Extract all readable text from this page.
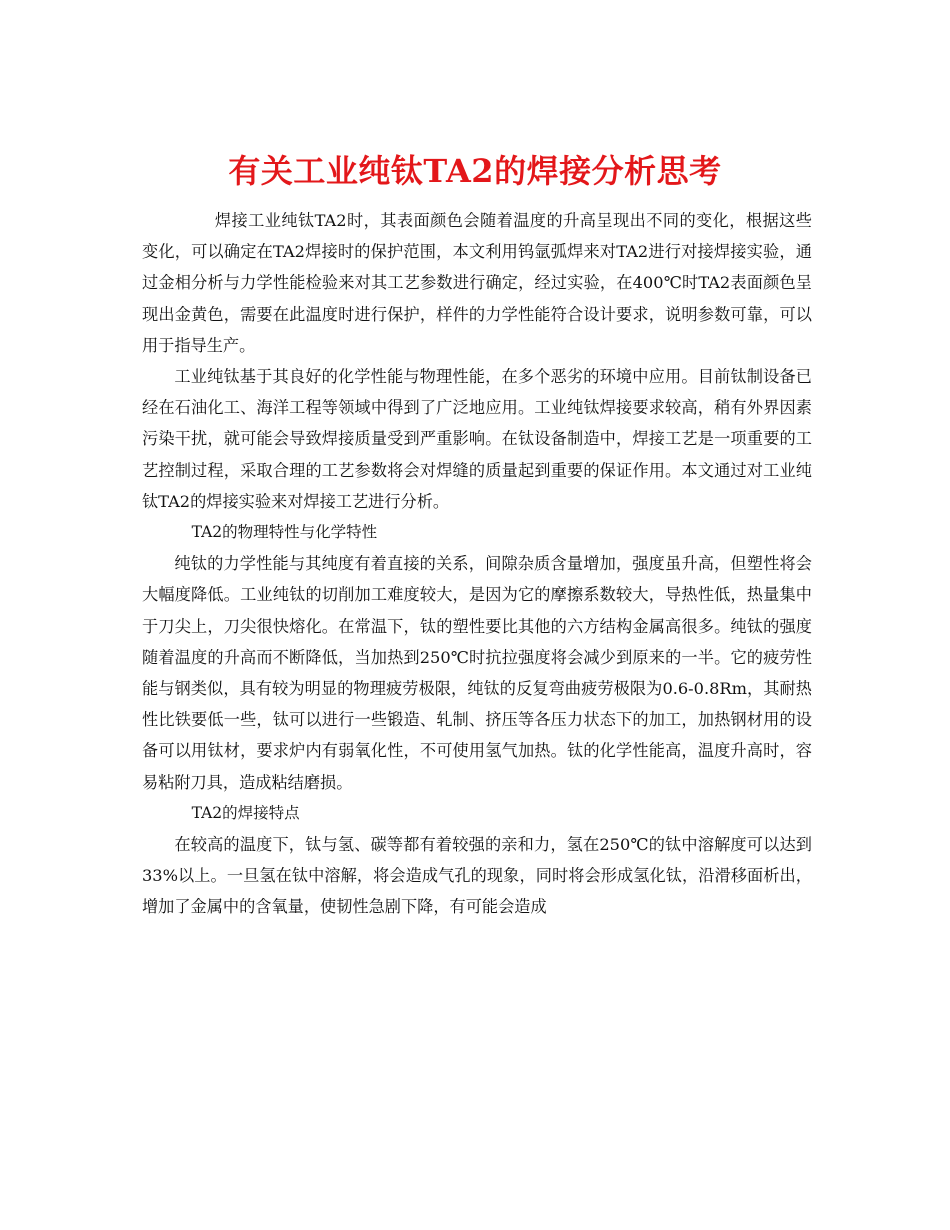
有关工业纯钛TA2的焊接分析思考

焊接工业纯钛TA2时，其表面颜色会随着温度的升高呈现出不同的变化，根据这些变化，可以确定在TA2焊接时的保护范围，本文利用钨氩弧焊来对TA2进行对接焊接实验，通过金相分析与力学性能检验来对其工艺参数进行确定，经过实验，在400℃时TA2表面颜色呈现出金黄色，需要在此温度时进行保护，样件的力学性能符合设计要求，说明参数可靠，可以用于指导生产。

工业纯钛基于其良好的化学性能与物理性能，在多个恶劣的环境中应用。目前钛制设备已经在石油化工、海洋工程等领域中得到了广泛地应用。工业纯钛焊接要求较高，稍有外界因素污染干扰，就可能会导致焊接质量受到严重影响。在钛设备制造中，焊接工艺是一项重要的工艺控制过程，采取合理的工艺参数将会对焊缝的质量起到重要的保证作用。本文通过对工业纯钛TA2的焊接实验来对焊接工艺进行分析。

TA2的物理特性与化学特性

纯钛的力学性能与其纯度有着直接的关系，间隙杂质含量增加，强度虽升高，但塑性将会大幅度降低。工业纯钛的切削加工难度较大，是因为它的摩擦系数较大，导热性低，热量集中于刀尖上，刀尖很快熔化。在常温下，钛的塑性要比其他的六方结构金属高很多。纯钛的强度随着温度的升高而不断降低，当加热到250℃时抗拉强度将会减少到原来的一半。它的疲劳性能与钢类似，具有较为明显的物理疲劳极限，纯钛的反复弯曲疲劳极限为0.6-0.8Rm，其耐热性比铁要低一些，钛可以进行一些锻造、轧制、挤压等各压力状态下的加工，加热钢材用的设备可以用钛材，要求炉内有弱氧化性，不可使用氢气加热。钛的化学性能高，温度升高时，容易粘附刀具，造成粘结磨损。

TA2的焊接特点

在较高的温度下，钛与氢、碳等都有着较强的亲和力，氢在250℃的钛中溶解度可以达到33%以上。一旦氢在钛中溶解，将会造成气孔的现象，同时将会形成氢化钛，沿滑移面析出，增加了金属中的含氧量，使韧性急剧下降，有可能会造成
